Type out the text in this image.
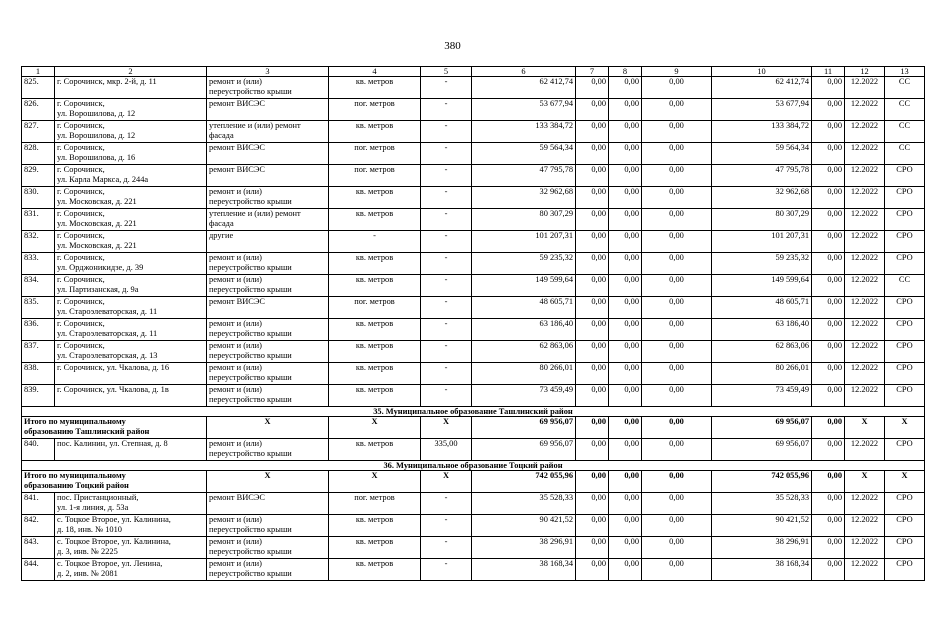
380
1	2	3	4	5	6	7	8	9	10	11	12	13
825.	г. Сорочинск, мкр. 2-й, д. 11	ремонт и (или)
переустройство крыши	кв. метров	-	62 412,74	0,00	0,00	0,00	62 412,74	0,00	12.2022	СС
826.	г. Сорочинск,
ул. Ворошилова, д. 12	ремонт ВИСЭС	пог. метров	-	53 677,94	0,00	0,00	0,00	53 677,94	0,00	12.2022	СС
827.	г. Сорочинск,
ул. Ворошилова, д. 12	утепление и (или) ремонт
фасада	кв. метров	-	133 384,72	0,00	0,00	0,00	133 384,72	0,00	12.2022	СС
828.	г. Сорочинск,
ул. Ворошилова, д. 16	ремонт ВИСЭС	пог. метров	-	59 564,34	0,00	0,00	0,00	59 564,34	0,00	12.2022	СС
829.	г. Сорочинск,
ул. Карла Маркса, д. 244а	ремонт ВИСЭС	пог. метров	-	47 795,78	0,00	0,00	0,00	47 795,78	0,00	12.2022	СРО
830.	г. Сорочинск,
ул. Московская, д. 221	ремонт и (или)
переустройство крыши	кв. метров	-	32 962,68	0,00	0,00	0,00	32 962,68	0,00	12.2022	СРО
831.	г. Сорочинск,
ул. Московская, д. 221	утепление и (или) ремонт
фасада	кв. метров	-	80 307,29	0,00	0,00	0,00	80 307,29	0,00	12.2022	СРО
832.	г. Сорочинск,
ул. Московская, д. 221	другие	-	-	101 207,31	0,00	0,00	0,00	101 207,31	0,00	12.2022	СРО
833.	г. Сорочинск,
ул. Орджоникидзе, д. 39	ремонт и (или)
переустройство крыши	кв. метров	-	59 235,32	0,00	0,00	0,00	59 235,32	0,00	12.2022	СРО
834.	г. Сорочинск,
ул. Партизанская, д. 9а	ремонт и (или)
переустройство крыши	кв. метров	-	149 599,64	0,00	0,00	0,00	149 599,64	0,00	12.2022	СС
835.	г. Сорочинск,
ул. Староэлеваторская, д. 11	ремонт ВИСЭС	пог. метров	-	48 605,71	0,00	0,00	0,00	48 605,71	0,00	12.2022	СРО
836.	г. Сорочинск,
ул. Староэлеваторская, д. 11	ремонт и (или)
переустройство крыши	кв. метров	-	63 186,40	0,00	0,00	0,00	63 186,40	0,00	12.2022	СРО
837.	г. Сорочинск,
ул. Староэлеваторская, д. 13	ремонт и (или)
переустройство крыши	кв. метров	-	62 863,06	0,00	0,00	0,00	62 863,06	0,00	12.2022	СРО
838.	г. Сорочинск, ул. Чкалова, д. 16	ремонт и (или)
переустройство крыши	кв. метров	-	80 266,01	0,00	0,00	0,00	80 266,01	0,00	12.2022	СРО
839.	г. Сорочинск, ул. Чкалова, д. 1в	ремонт и (или)
переустройство крыши	кв. метров	-	73 459,49	0,00	0,00	0,00	73 459,49	0,00	12.2022	СРО
35. Муниципальное образование Ташлинский район												
Итого по муниципальному
образованию Ташлинский район		X	X	X	69 956,07	0,00	0,00	0,00	69 956,07	0,00	X	X
840.	пос. Калинин, ул. Степная, д. 8	ремонт и (или)
переустройство крыши	кв. метров	335,00	69 956,07	0,00	0,00	0,00	69 956,07	0,00	12.2022	СРО
36. Муниципальное образование Тоцкий район												
Итого по муниципальному
образованию Тоцкий район		X	X	X	742 055,96	0,00	0,00	0,00	742 055,96	0,00	X	X
841.	пос. Пристанционный,
ул. 1-я линия, д. 53а	ремонт ВИСЭС	пог. метров	-	35 528,33	0,00	0,00	0,00	35 528,33	0,00	12.2022	СРО
842.	с. Тоцкое Второе, ул. Калинина,
д. 18, инв. № 1010	ремонт и (или)
переустройство крыши	кв. метров	-	90 421,52	0,00	0,00	0,00	90 421,52	0,00	12.2022	СРО
843.	с. Тоцкое Второе, ул. Калинина,
д. 3, инв. № 2225	ремонт и (или)
переустройство крыши	кв. метров	-	38 296,91	0,00	0,00	0,00	38 296,91	0,00	12.2022	СРО
844.	с. Тоцкое Второе, ул. Ленина,
д. 2, инв. № 2081	ремонт и (или)
переустройство крыши	кв. метров	-	38 168,34	0,00	0,00	0,00	38 168,34	0,00	12.2022	СРО
